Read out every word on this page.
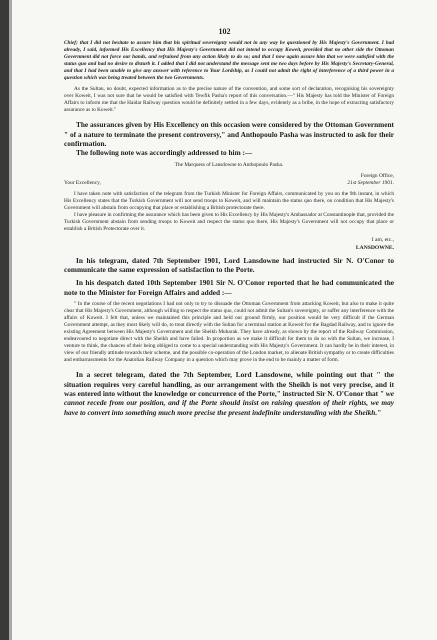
102

Chief; that I did not hesitate to assure him that his spiritual sovereignty would not in any way be questioned by His Majesty's Government. I had already, I said, informed His Excellency that His Majesty's Government did not intend to occupy Koweit, provided that no other side the Ottoman Government did not force our hands, and refrained from any action likely to do so; and that I now again assure him that we were satisfied with the status quo and had no desire to disturb it. I added that I did not understand the message sent me two days before by His Majesty's Secretary-General, and that I had been unable to give any answer with reference to Your Lordship, as I could not admit the right of interference of a third power in a question which was being treated between the two Governments.

As the Sultan, no doubt, expected information as to the precise nature of the convention, and some sort of declaration, recognising his sovereignty over Koweit, I was not sure that he would be satisfied with Tewfik Pasha's report of this conversation.—" His Majesty has told the Minister of Foreign Affairs to inform me that the Haidar Railway question would be definitely settled in a few days, evidently as a bribe, in the hope of extracting satisfactory assurance as to Koweit."

The assurances given by His Excellency on this occasion were considered by the Ottoman Government " of a nature to terminate the present controversy," and Anthopoulo Pasha was instructed to ask for their confirmation.

The following note was accordingly addressed to him :—

The Marquess of Lansdowne to Anthopoulo Pasha.

Foreign Office,
Your Excellency,	21st September 1901.

I have taken note with satisfaction of the telegram from the Turkish Minister for Foreign Affairs, communicated by you on the 9th instant, in which His Excellency states that the Turkish Government will not send troops to Koweit, and will maintain the status quo there, on condition that His Majesty's Government will abstain from occupying that place or establishing a British protectorate there.

I have pleasure in confirming the assurance which has been given to His Excellency by His Majesty's Ambassador at Constantinople that, provided the Turkish Government abstain from sending troops to Koweit and respect the status quo there, His Majesty's Government will not occupy that place or establish a British Protectorate over it.

I am, etc.,
LANSDOWNE.

In his telegram, dated 7th September 1901, Lord Lansdowne had instructed Sir N. O'Conor to communicate the same expression of satisfaction to the Porte.

In his despatch dated 10th September 1901 Sir N. O'Conor reported that he had communicated the note to the Minister for Foreign Affairs and added :—

" In the course of the recent negotiations I had not only to try to dissuade the Ottoman Government from attacking Koweit, but also to make it quite clear that His Majesty's Government, although willing to respect the status quo, could not admit the Sultan's sovereignty, or suffer any interference with the affairs of Koweit. I felt that, unless we maintained this principle and held our ground firmly, our position would be very difficult if the German Government attempt, as they most likely will do, to treat directly with the Sultan for a terminal station at Koweit for the Bagdad Railway, and to ignore the existing Agreement between His Majesty's Government and the Sheikh Mubarak. They have already, as shown by the report of the Railway Commission, endeavoured to negotiate direct with the Sheikh and have failed. In proportion as we make it difficult for them to do so with the Sultan, we increase, I venture to think, the chances of their being obliged to come to a special understanding with His Majesty's Government. It can hardly be in their interest, in view of our friendly attitude towards their scheme, and the possible co-operation of the London market, to alienate British sympathy or to create difficulties and embarrassments for the Anatolian Railway Company in a question which may prove in the end to be mainly a matter of form.

In a secret telegram, dated the 7th September, Lord Lansdowne, while pointing out that " the situation requires very careful handling, as our arrangement with the Sheikh is not very precise, and it was entered into without the knowledge or concurrence of the Porte," instructed Sir N. O'Conor that " we cannot recede from our position, and if the Porte should insist on raising question of their rights, we may have to convert into something much more precise the present indefinite understanding with the Sheikh."
